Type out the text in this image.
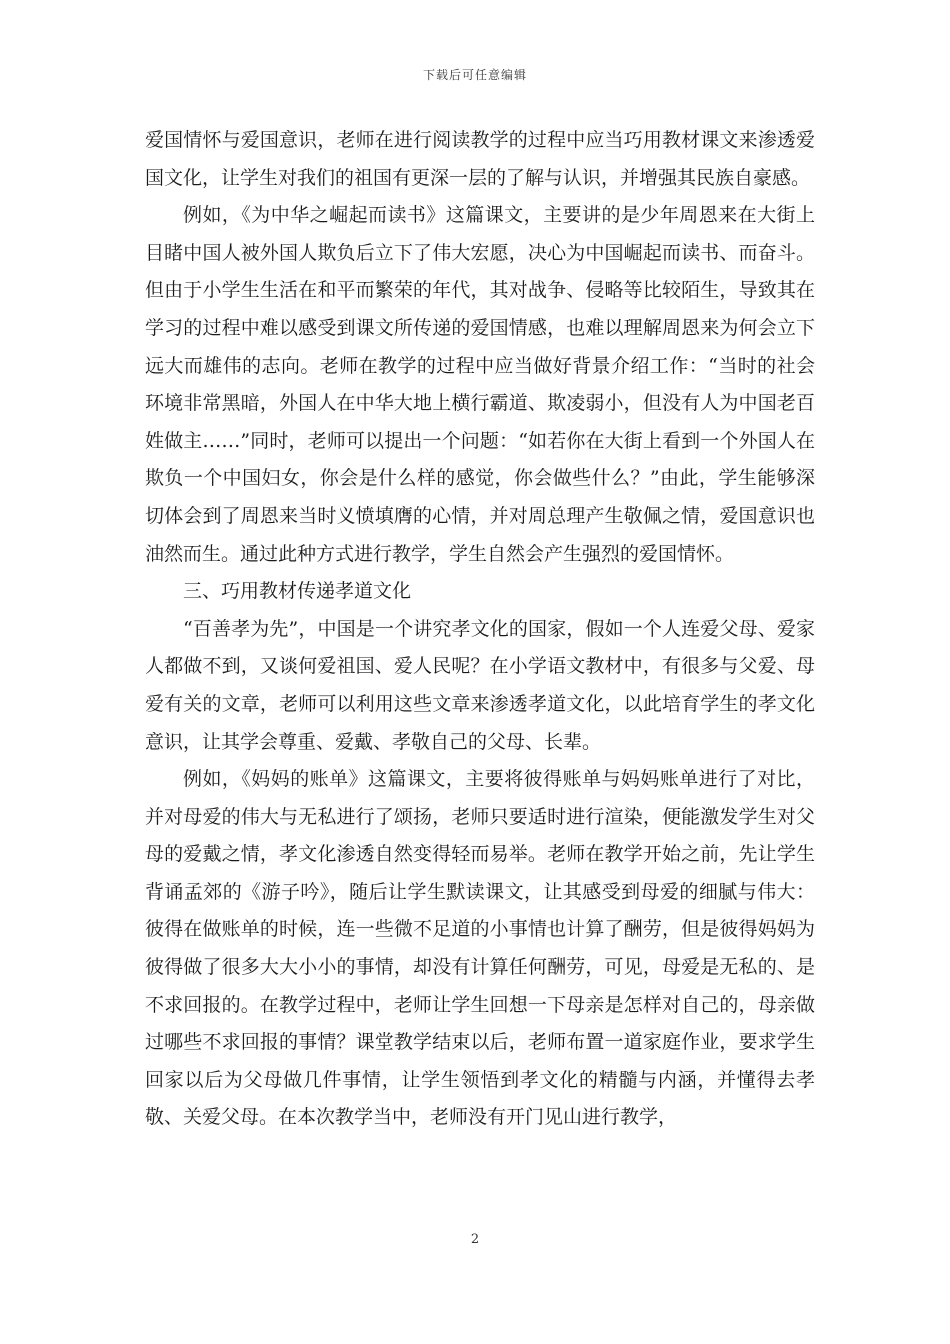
下载后可任意编辑

爱国情怀与爱国意识，老师在进行阅读教学的过程中应当巧用教材课文来渗透爱国文化，让学生对我们的祖国有更深一层的了解与认识，并增强其民族自豪感。

例如，《为中华之崛起而读书》这篇课文，主要讲的是少年周恩来在大街上目睹中国人被外国人欺负后立下了伟大宏愿，决心为中国崛起而读书、而奋斗。但由于小学生生活在和平而繁荣的年代，其对战争、侵略等比较陌生，导致其在学习的过程中难以感受到课文所传递的爱国情感，也难以理解周恩来为何会立下远大而雄伟的志向。老师在教学的过程中应当做好背景介绍工作：“当时的社会环境非常黑暗，外国人在中华大地上横行霸道、欺凌弱小，但没有人为中国老百姓做主……”同时，老师可以提出一个问题：“如若你在大街上看到一个外国人在欺负一个中国妇女，你会是什么样的感觉，你会做些什么？”由此，学生能够深切体会到了周恩来当时义愤填膺的心情，并对周总理产生敬佩之情，爱国意识也油然而生。通过此种方式进行教学，学生自然会产生强烈的爱国情怀。

三、巧用教材传递孝道文化

“百善孝为先”，中国是一个讲究孝文化的国家，假如一个人连爱父母、爱家人都做不到，又谈何爱祖国、爱人民呢？在小学语文教材中，有很多与父爱、母爱有关的文章，老师可以利用这些文章来渗透孝道文化，以此培育学生的孝文化意识，让其学会尊重、爱戴、孝敬自己的父母、长辈。

例如，《妈妈的账单》这篇课文，主要将彼得账单与妈妈账单进行了对比，并对母爱的伟大与无私进行了颂扬，老师只要适时进行渲染，便能激发学生对父母的爱戴之情，孝文化渗透自然变得轻而易举。老师在教学开始之前，先让学生背诵孟郊的《游子吟》，随后让学生默读课文，让其感受到母爱的细腻与伟大：彼得在做账单的时候，连一些微不足道的小事情也计算了酬劳，但是彼得妈妈为彼得做了很多大大小小的事情，却没有计算任何酬劳，可见，母爱是无私的、是不求回报的。在教学过程中，老师让学生回想一下母亲是怎样对自己的，母亲做过哪些不求回报的事情？课堂教学结束以后，老师布置一道家庭作业，要求学生回家以后为父母做几件事情，让学生领悟到孝文化的精髓与内涵，并懂得去孝敬、关爱父母。在本次教学当中，老师没有开门见山进行教学，

2
